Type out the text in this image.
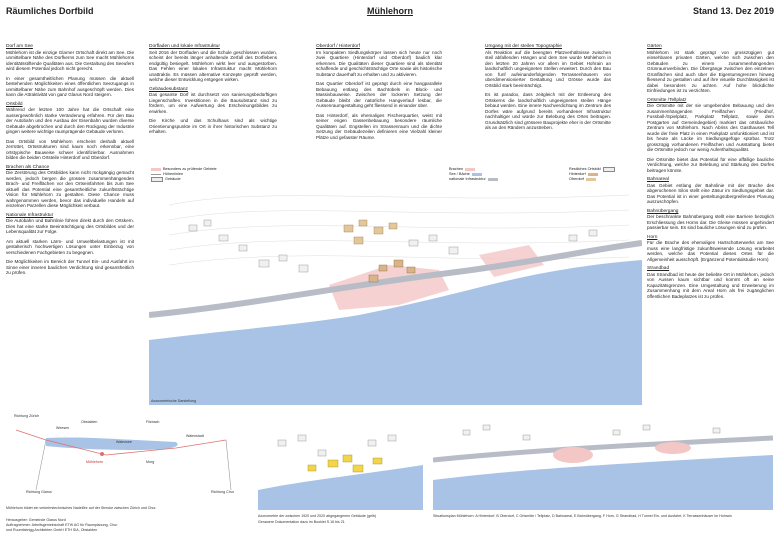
Räumliches Dorfbild	Mühlehorn	Stand 13. Dez 2019
Dorf am See

Mühlehorn ist die einzige Glarner Ortschaft direkt am See. Die unmittelbare Nähe des Dorfkerns zum See macht Mühlehorns identitätsstiftende Qualitäten aus. Die Gestaltung des Seeufers wird diesem Potential jedoch nicht gerecht.

In einer gesamtheitlichen Planung müssen die aktuell bestehenden Möglichkeiten eines öffentlichen Seezugangs in unmittelbarer Nähe zum Bahnhof ausgeschöpft werden. Dies kann die Attraktivität von ganz Glarus Nord steigern.

Ortsbild

Während der letzten 100 Jahre hat die Ortschaft eine aussergewöhnlich starke Veränderung erfahren. Für den Bau der Autobahn und den Ausbau der Eisenbahn wurden diverse Gebäude abgebrochen und durch den Rückgang der Industrie gingen weitere wichtige raumprägende Gebäude verloren.

Das Ortsbild von Mühlehorn erscheint deshalb aktuell zerrüttet, Ortsstrukturen sind kaum noch erkennbar, eine ortstypische Bauweise schwer identifizierbar. Ausnahmen bilden die beiden Ortsteile Hinterdorf und Oberdorf.

Brachen als Chance

Die Zerstörung des Ortsbildes kann nicht rückgängig gemacht werden, jedoch bergen die grossen zusammenhängenden Brach- und Freiflächen vor den Ortseinfahrten bis zum See aktuell das Potential eine gesamtheitliche zukunftsträchtige Vision für Mühlehorn zu gestalten. Diese Chance muss wahrgenommen werden, bevor das individuelle Handeln auf einzelnen Parzellen diese Möglichkeit verbaut.

Nationale Infrastruktur

Die Autobahn und Bahnlinie führen direkt durch den Ortskern. Dies hat eine starke Beeinträchtigung des Ortsbildes und der Lebensqualität zur Folge.

Am aktuell starken Lärm- und Umweltbelastungen ist mit gestalterisch hochwertigen Lösungen unter Einbezug von verschiedenen Fachgebieten zu begegnen.

Die Möglichkeiten im Bereich der Tunnel Ein- und Ausfahrt im Sinne einer inneren baulichen Verdichtung sind gesamtheitlich zu prüfen.

Dorfladen und lokale Infrastruktur

Seit 2016 der Dorfladen und die Schule geschlossen wurden, scheint der bereits länger anhaltende Zerfall des Dorflebens endgültig besiegelt. Mühlehorn wirkt leer und ausgestorben. Das Fehlen einer lokalen Infrastruktur macht Mühlehorn unattraktiv. Es müssen alternative Konzepte geprüft werden, welche dieser Entwicklung entgegen wirken.

Gebäudesubstanz

Das gesamte Dorf ist durchsetzt von sanierungsbedürftigen Liegenschaften. Investitionen in die Bausubstanz sind zu fördern, um eine Aufwertung des Erscheinungsbildes zu erwirken.

Die Kirche und das Schulhaus sind als wichtige Orientierungspunkte im Ort in ihrer historischen Substanz zu erhalten.

Oberdorf / Hinterdorf

Im kompakten Siedlungskörper lassen sich heute nur noch zwei Quartiere (Hinterdorf und Oberdorf) baulich klar erkennen. Die Qualitäten dieser Quartiere sind als Identität schaffende und geschichtsträchtige Orte sowie als historische Substanz dauerhaft zu erhalten und zu aktivieren.

Das Quartier Oberdorf ist geprägt durch eine hangparallele Bebauung entlang des Bachtobels in Block- und Massivbauweise. Zwischen der lockeren Setzung der Gebäude bleibt der natürliche Hangverlauf lesbar, die Aussenraumgestaltung geht fliessend in einander über.

Das Hinterdorf, als ehemaliges Fischerquartier, weist mit seiner engen Gassenbebauung besondere räumliche Qualitäten auf. Engstellen im Strassenraum und die dichte Setzung der Gebäudezeilen definieren eine Vielzahl kleiner Plätze und gefasster Räume.

Umgang mit der steilen Topographie

Als Reaktion auf die beengten Platzverhältnisse zwischen steil abfallenden Hängen und dem See wurde Mühlehorn in den letzten 20 Jahren vor allem im Gebiet Hohrain an landschaftlich ungeeigneten Stellen erweitert. Durch den Bau von funf aufeinanderfolgenden Terrassenhäusern von uberdimensionierter Gestaltung und Grösse wurde das Ortsbild stark beeinträchtigt.

Es ist paradox, dass zeitgleich mit der Entleerung des Ortskerns die landschaftlich ungeeigneten steilen Hänge bebaut werden. Eine innere Nachverdichtung im Zentrum des Dorfes wäre aufgrund bereits vorhandener Infrastruktur nachhaltiger und würde zur Belebung des Ortes beitragen. Grundsätzlich sind grössere Bauprojekte eher in der Ortsmitte als an den Rändern anzustreben.

Gärten

Mühlehorn ist stark geprägt von grosszügigen gut einsehbaren privaten Gärten, welche sich zwischen den Gebäuden zu einem zusammenhängenden Grünraumverbinden. Die Übergänge zwischen den einzelnen Grünflächen sind auch über die Eigentumsgrenzen hinweg fliessend zu gestalten und auf ihre visuelle Durchlässigkeit ist dabei besonders zu achten. Auf hohe blickdichte Einfriedungen ist zu verzichten.

Ortsmitte /Tellplatz

Die Ortsmitte mit der sie umgebenden Bebauung und den zusammenhängenden Freiflächen (Friedhof, Fussball-/Spielplatz, Parkplatz Tellplatz, sowie dem Postgarten auf Gemeindegebiet) markiert das ortsbauliche Zentrum von Mühlehorn. Nach Abriss des Gasthauses Tell wurde der freie Platz in einen Parkplatz umfunktioniert und ist bis heute als Lücke im Siedlungsgefüge spürbar. Trotz grosszügig vorhandenen Freiflächen und Ausstattung bietet die Ortsmitte jedoch nur wenig Aufenthaltsqualität.

Die Ortsmitte bietet das Potential für eine affällige bauliche Verdichtung, welche zur Belebung und Stärkung des Dorfes beitragen könnte.

Bahnareal

Das Gebiet entlang der Bahnlinie mit der Brache des abgerochenen Silos stellt eine Zäsur im Siedlungsgebiet dar. Das Potential ist in einer gesteltungsübergreifenden Planung auszuschöpfen.

Bahnübergang

Der beschrankte Bahnübergang stellt eine Barriere bezüglich Erschliessung des Horns dar. Die Gleise müssen ungehindert passierbar sein. Es sind bauliche Lösungen sind zu prüfen.

Horn

Für die Brache des ehemaligen Hartschotterwerks am See muss eine langfristige zukunftsweisende Lösung erarbeitet werden, welche das Potential dieses Ortes für die Allgemeinheit ausschöpft. (Ergänzend Potentialstudie Horn)

Strandbad

Das Strandbad ist heute der beliebte Ort in Mühlehorn, jedoch von Aussen kaum sichtbar und kommt oft an seine Kapazitätsgrenzen. Eine Umgestaltung und Erweiterung im Zusammenhang mit dem Areal Horn als frei zugänglichen öffentlichen Badeplatzes ist zu prüfen.

Besonders zu prüfende Gebiete
Höhenlinien
Gebäude
Brachen
See / Bäche
nationale Infrastruktur
Restliches Ortsbild
Hinterdorf
Oberdorf
Axonometrische Darstellung
Richtung Zürich
Weesen
Walensee
Walenstadt
Mühlehorn	Murg
Richtung Glarus	Richtung Chur
Obstalden	Filzbach
Mühlehorn bildet ein verkehrstechnisches Nadelöhr auf der Strecke zwischen Zürich und Chur.
Herausgeber: Gemeinde Glarus Nord
Auftragnehmer: Arbeitsgemeinschaft ETW AG für Raumplanung, Chur
und Ruumfabrigg Architekten GmbH ETH SIA, Obstalden
Axonometrie der zwischen 1920 und 2020 abgegangenen Gebäude (gelb)
Genauere Dokumentation dazu im Booklet S.16 bis 21
Situationsplan Mühlehorn: A Hinterdorf, B Oberdorf, C Ortsmitte / Tellplatz, D Bahnareal, E Bahnübergang, F Horn, G Strandbad, H Tunnel Ein- und Ausfahrt, K Terrassenhäuser im Hohrain
